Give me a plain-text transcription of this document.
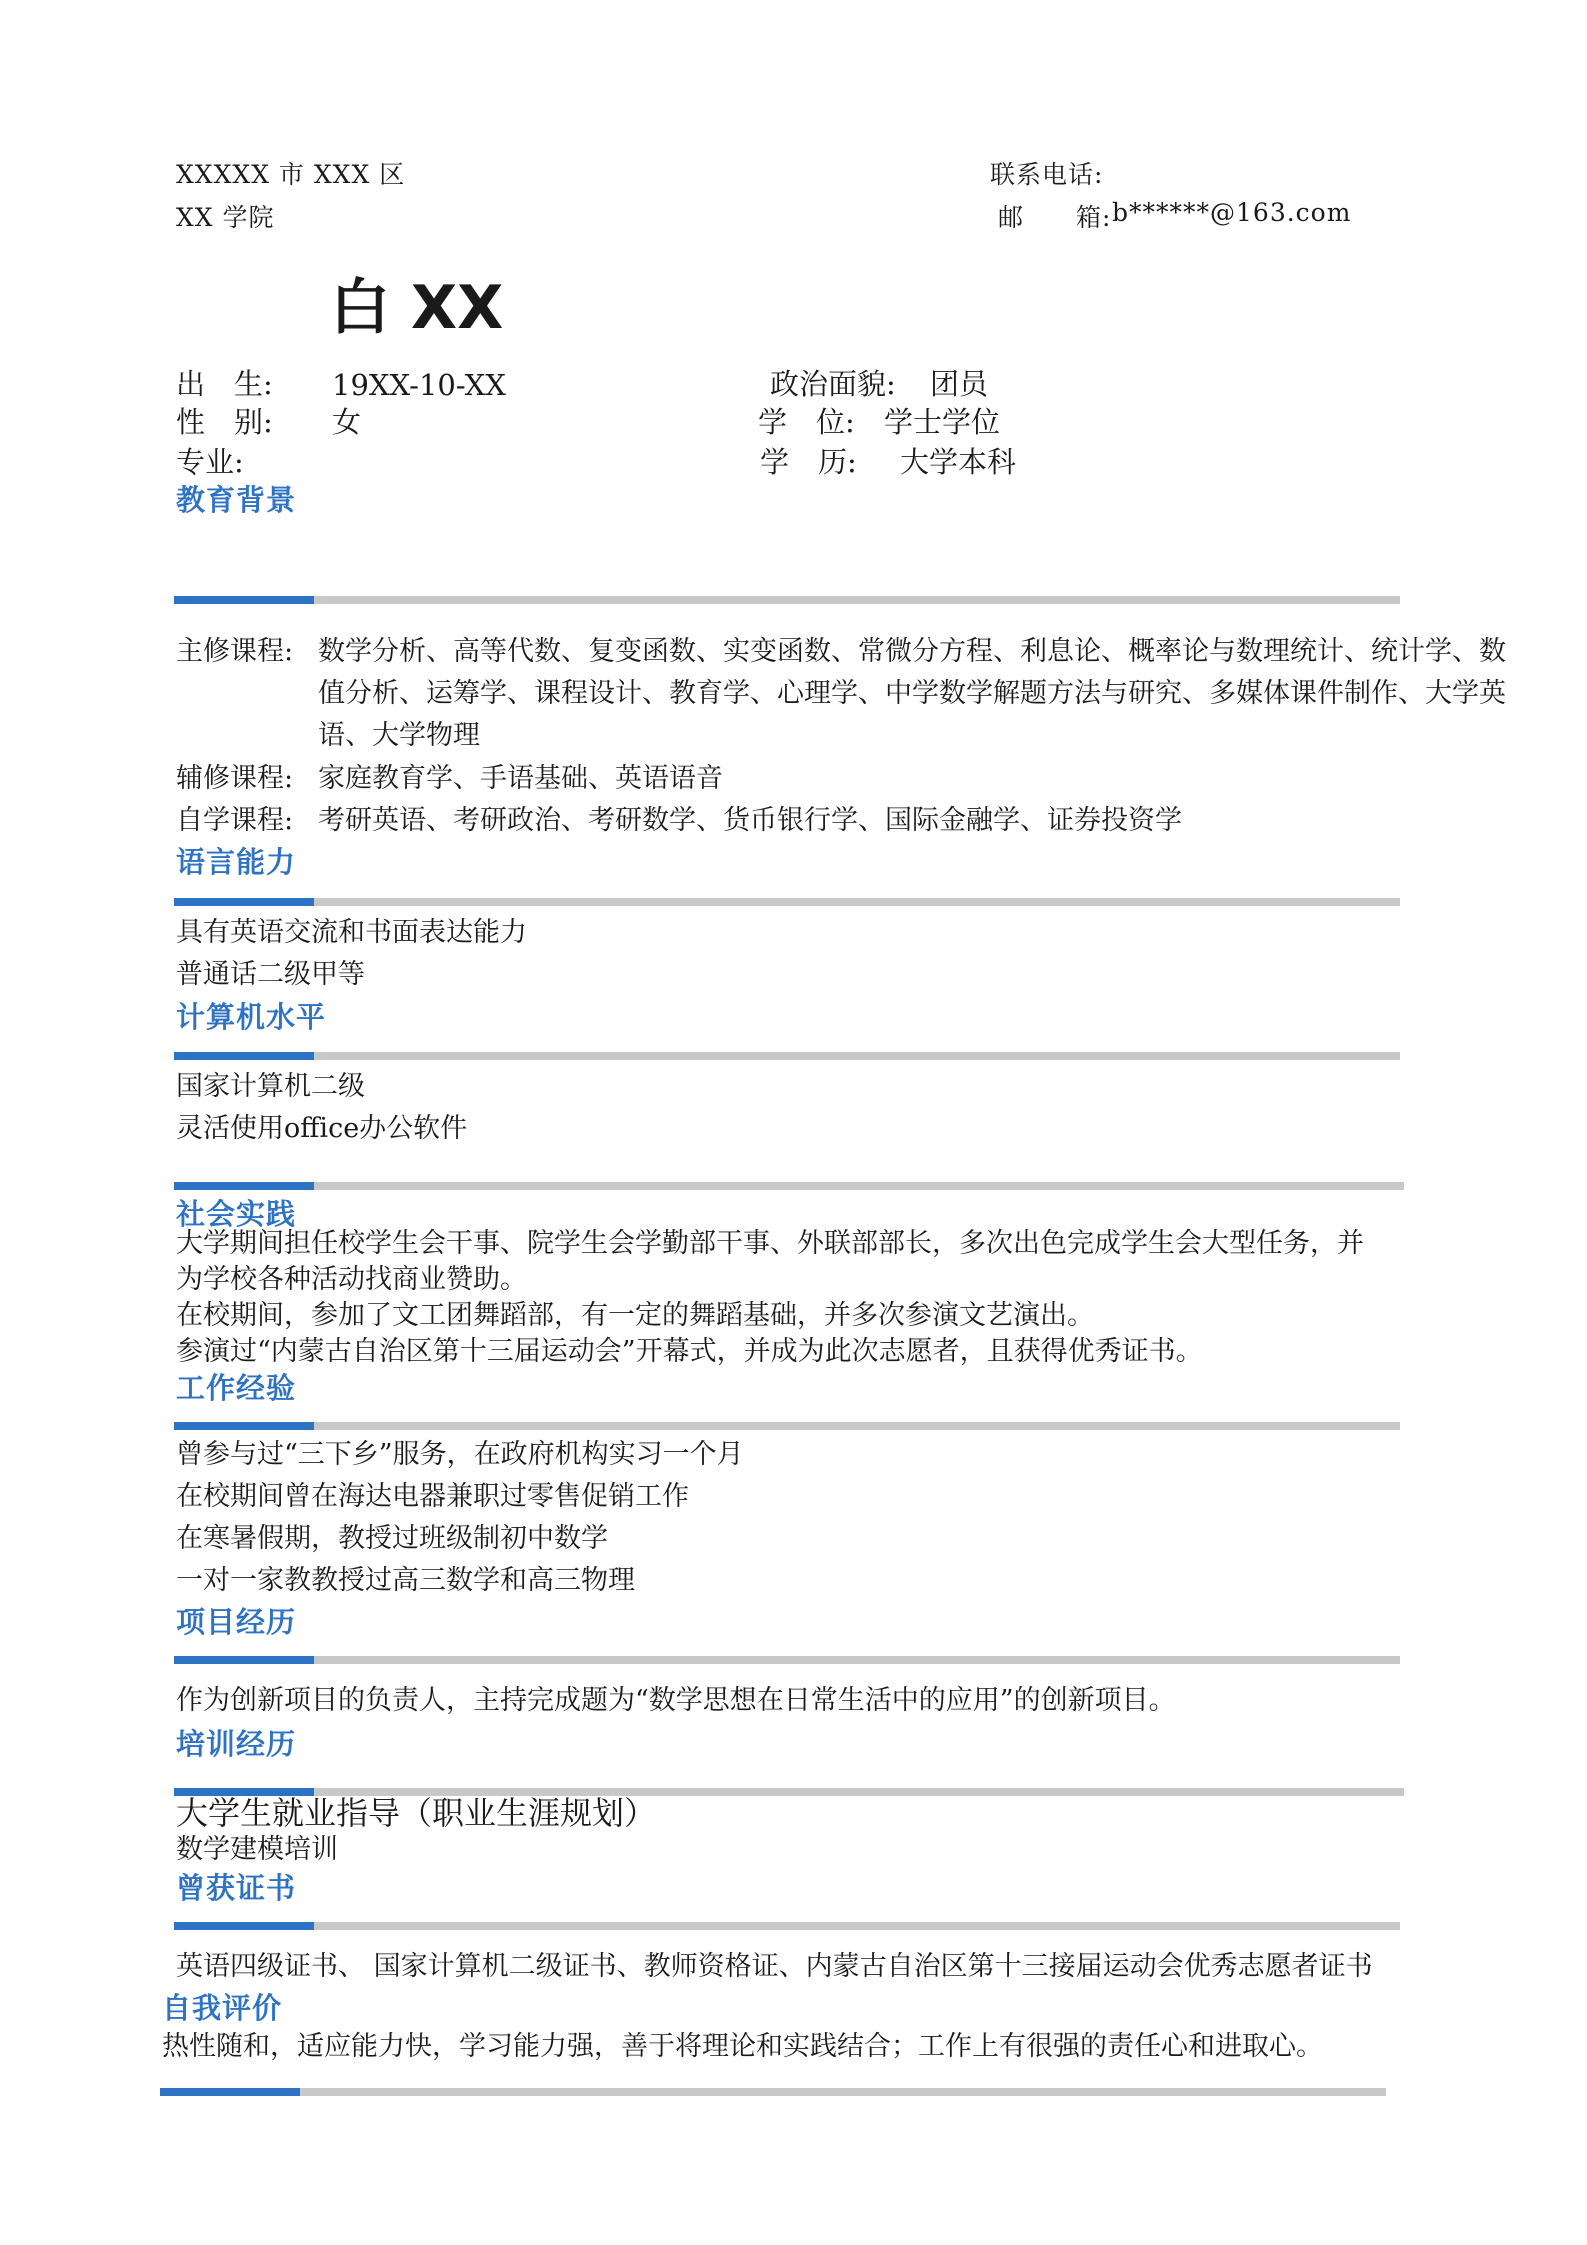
XXXXX 市 XXX 区
XX 学院
联系电话:
邮　　箱: b******@163.com
白 XX
出　生: 19XX-10-XX
性　别: 女
专业:
政治面貌: 团员
学　位: 学士学位
学　历: 大学本科
教育背景
主修课程: 数学分析、高等代数、复变函数、实变函数、常微分方程、利息论、概率论与数理统计、统计学、数值分析、运筹学、课程设计、教育学、心理学、中学数学解题方法与研究、多媒体课件制作、大学英语、大学物理
辅修课程: 家庭教育学、手语基础、英语语音
自学课程: 考研英语、考研政治、考研数学、货币银行学、国际金融学、证券投资学
语言能力
具有英语交流和书面表达能力
普通话二级甲等
计算机水平
国家计算机二级
灵活使用office办公软件
社会实践
大学期间担任校学生会干事、院学生会学勤部干事、外联部部长，多次出色完成学生会大型任务，并
为学校各种活动找商业赞助。
在校期间，参加了文工团舞蹈部，有一定的舞蹈基础，并多次参演文艺演出。
参演过“内蒙古自治区第十三届运动会”开幕式，并成为此次志愿者，且获得优秀证书。
工作经验
曾参与过“三下乡”服务，在政府机构实习一个月
在校期间曾在海达电器兼职过零售促销工作
在寒暑假期，教授过班级制初中数学
一对一家教教授过高三数学和高三物理
项目经历
作为创新项目的负责人，主持完成题为“数学思想在日常生活中的应用”的创新项目。
培训经历
大学生就业指导（职业生涯规划）
数学建模培训
曾获证书
英语四级证书、 国家计算机二级证书、教师资格证、内蒙古自治区第十三接届运动会优秀志愿者证书
自我评价
热性随和，适应能力快，学习能力强，善于将理论和实践结合；工作上有很强的责任心和进取心。
